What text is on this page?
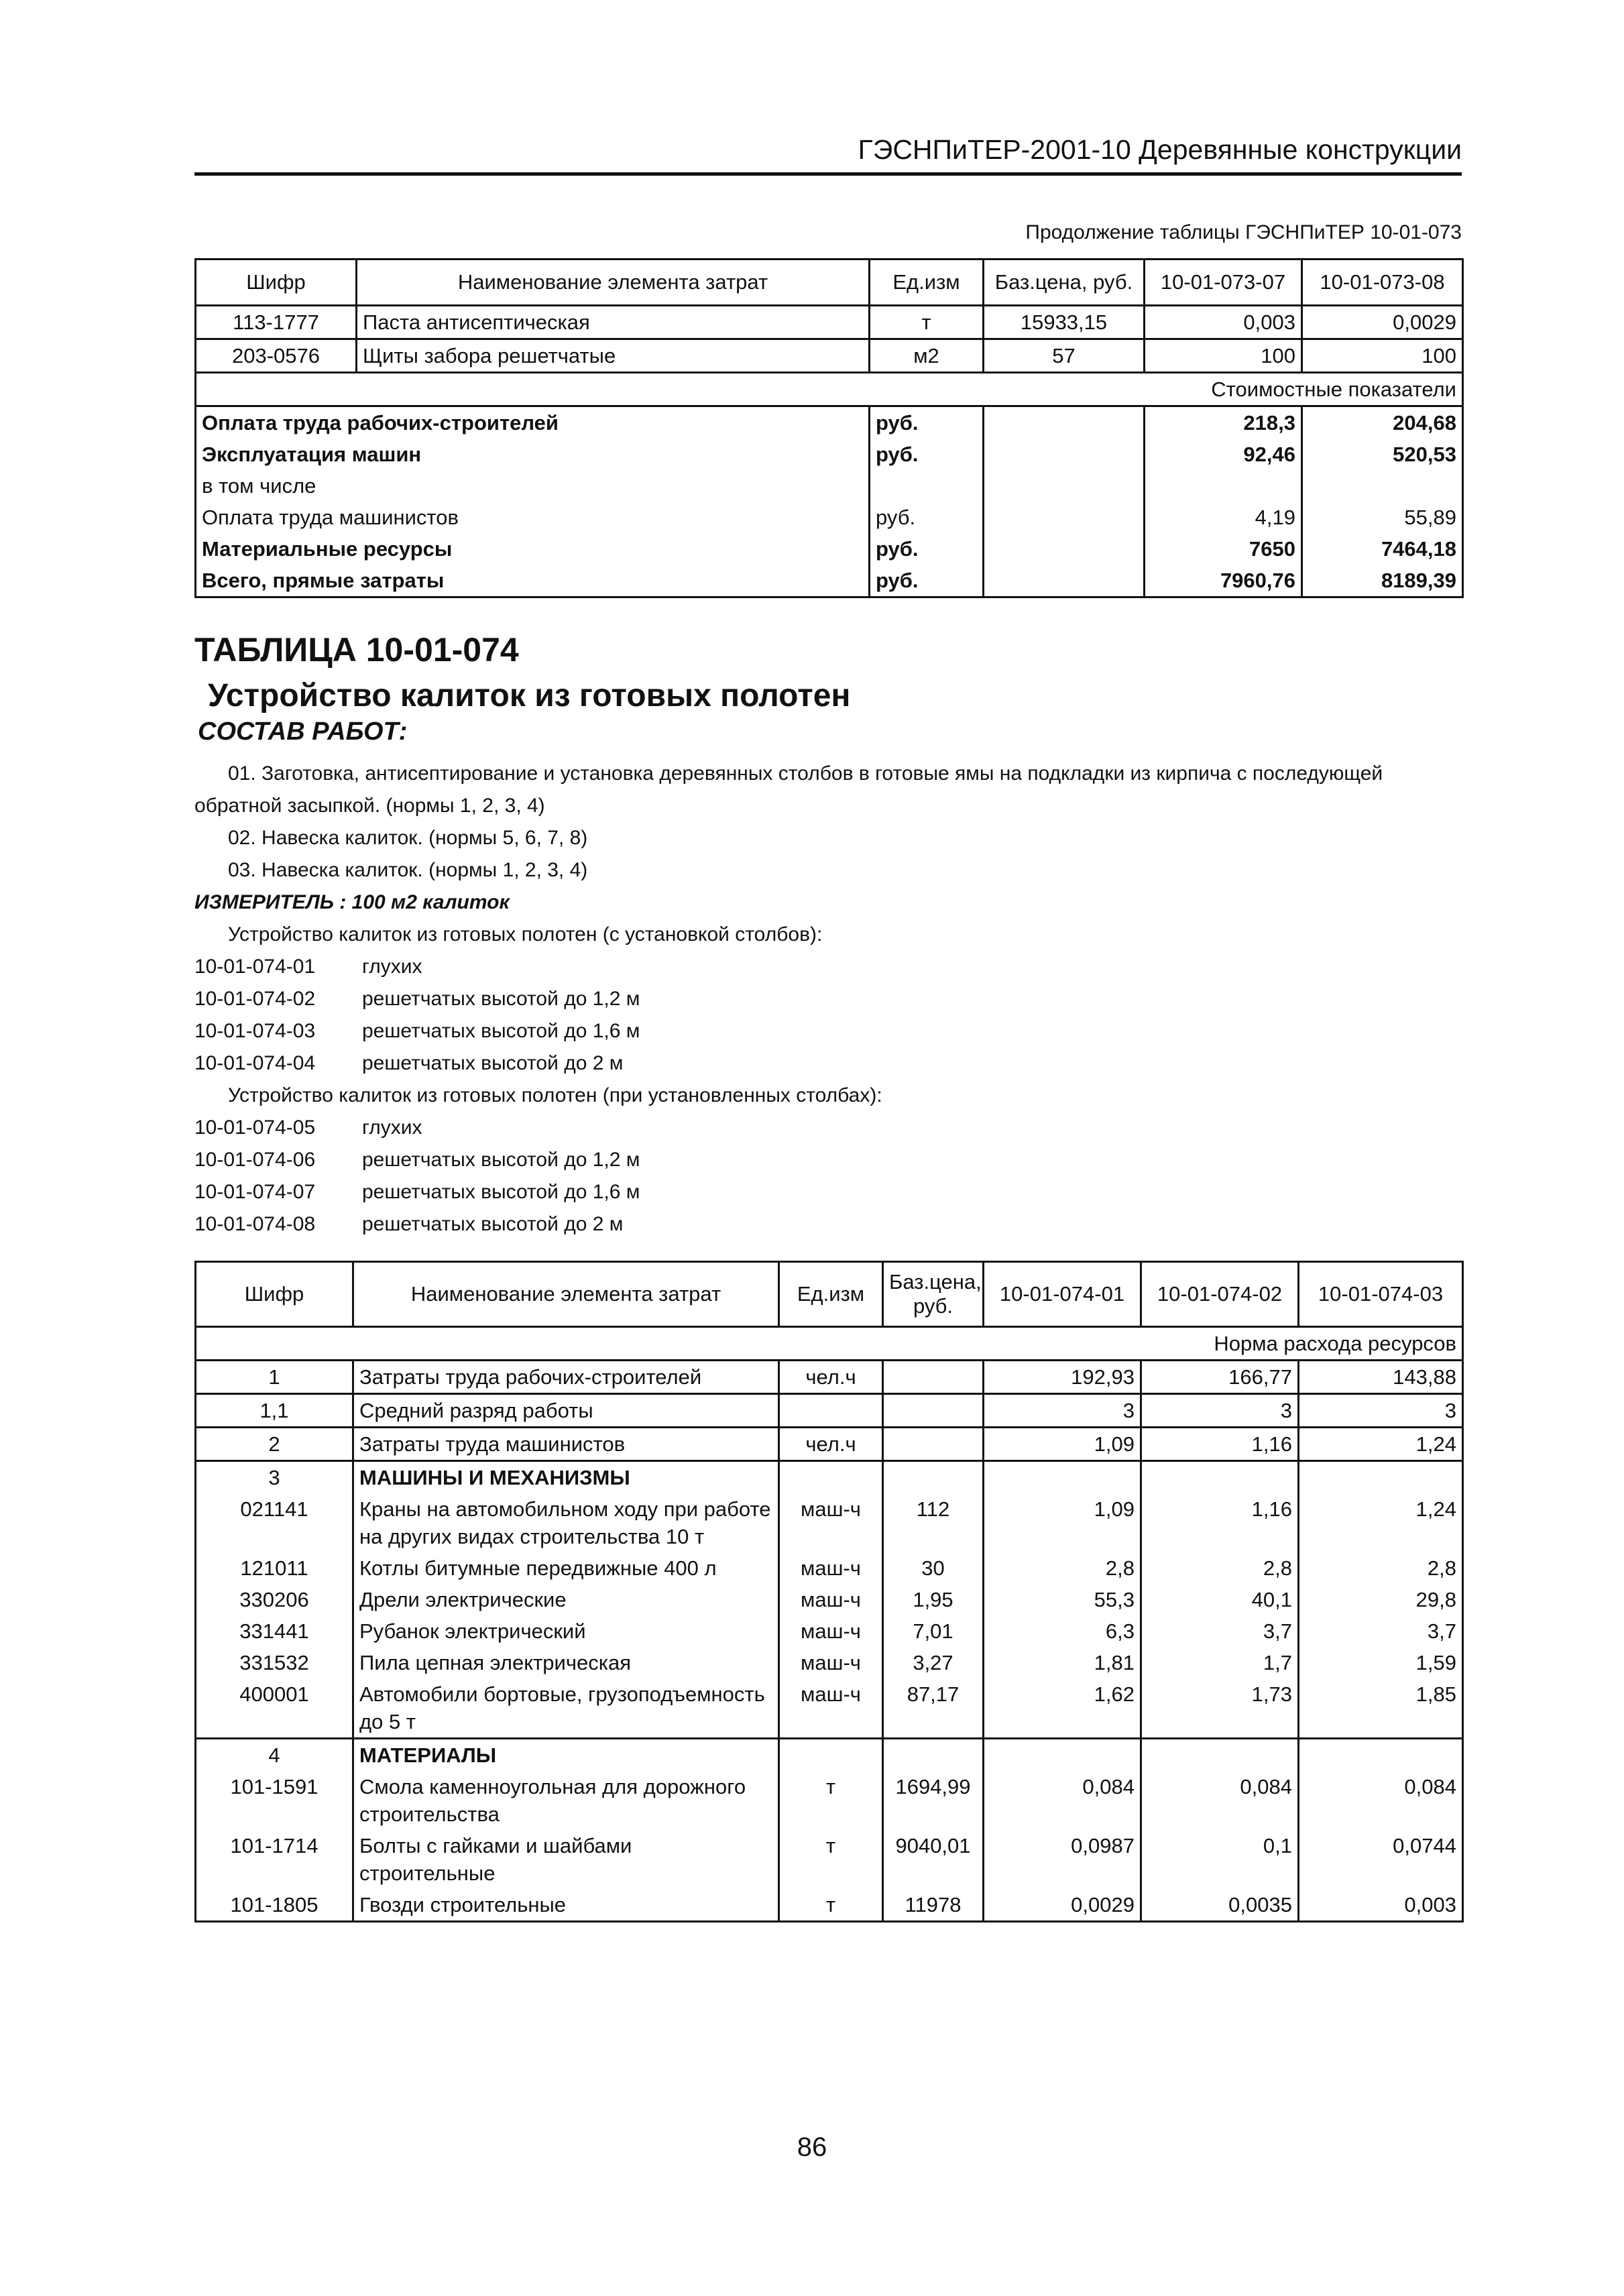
ГЭСНПиТЕР-2001-10 Деревянные конструкции
Продолжение таблицы ГЭСНПиТЕР 10-01-073
Шифр	Наименование элемента затрат	Ед.изм	Баз.цена, руб.	10-01-073-07	10-01-073-08
113-1777	Паста антисептическая	т	15933,15	0,003	0,0029
203-0576	Щиты забора решетчатые	м2	57	100	100
Стоимостные показатели					
Оплата труда рабочих-строителей		руб.		218,3	204,68
Эксплуатация машин		руб.		92,46	520,53
в том числе					
Оплата труда машинистов		руб.		4,19	55,89
Материальные ресурсы		руб.		7650	7464,18
Всего, прямые затраты		руб.		7960,76	8189,39
ТАБЛИЦА 10-01-074
Устройство калиток из готовых полотен
СОСТАВ РАБОТ:
01. Заготовка, антисептирование и установка деревянных столбов в готовые ямы на подкладки из кирпича с последующей
обратной засыпкой. (нормы 1, 2, 3, 4)
02. Навеска калиток. (нормы 5, 6, 7, 8)
03. Навеска калиток. (нормы 1, 2, 3, 4)
ИЗМЕРИТЕЛЬ : 100 м2 калиток
Устройство калиток из готовых полотен (с установкой столбов):
10-01-074-01 глухих
10-01-074-02 решетчатых высотой до 1,2 м
10-01-074-03 решетчатых высотой до 1,6 м
10-01-074-04 решетчатых высотой до 2 м
Устройство калиток из готовых полотен (при установленных столбах):
10-01-074-05 глухих
10-01-074-06 решетчатых высотой до 1,2 м
10-01-074-07 решетчатых высотой до 1,6 м
10-01-074-08 решетчатых высотой до 2 м
Шифр	Наименование элемента затрат	Ед.изм	Баз.цена, руб.	10-01-074-01	10-01-074-02	10-01-074-03
Норма расхода ресурсов						
1	Затраты труда рабочих-строителей	чел.ч		192,93	166,77	143,88
1,1	Средний разряд работы			3	3	3
2	Затраты труда машинистов	чел.ч		1,09	1,16	1,24
3	МАШИНЫ И МЕХАНИЗМЫ					
021141	Краны на автомобильном ходу при работе на других видах строительства 10 т	маш-ч	112	1,09	1,16	1,24
121011	Котлы битумные передвижные 400 л	маш-ч	30	2,8	2,8	2,8
330206	Дрели электрические	маш-ч	1,95	55,3	40,1	29,8
331441	Рубанок электрический	маш-ч	7,01	6,3	3,7	3,7
331532	Пила цепная электрическая	маш-ч	3,27	1,81	1,7	1,59
400001	Автомобили бортовые, грузоподъемность до 5 т	маш-ч	87,17	1,62	1,73	1,85
4	МАТЕРИАЛЫ					
101-1591	Смола каменноугольная для дорожного строительства	т	1694,99	0,084	0,084	0,084
101-1714	Болты с гайками и шайбами строительные	т	9040,01	0,0987	0,1	0,0744
101-1805	Гвозди строительные	т	11978	0,0029	0,0035	0,003
86
